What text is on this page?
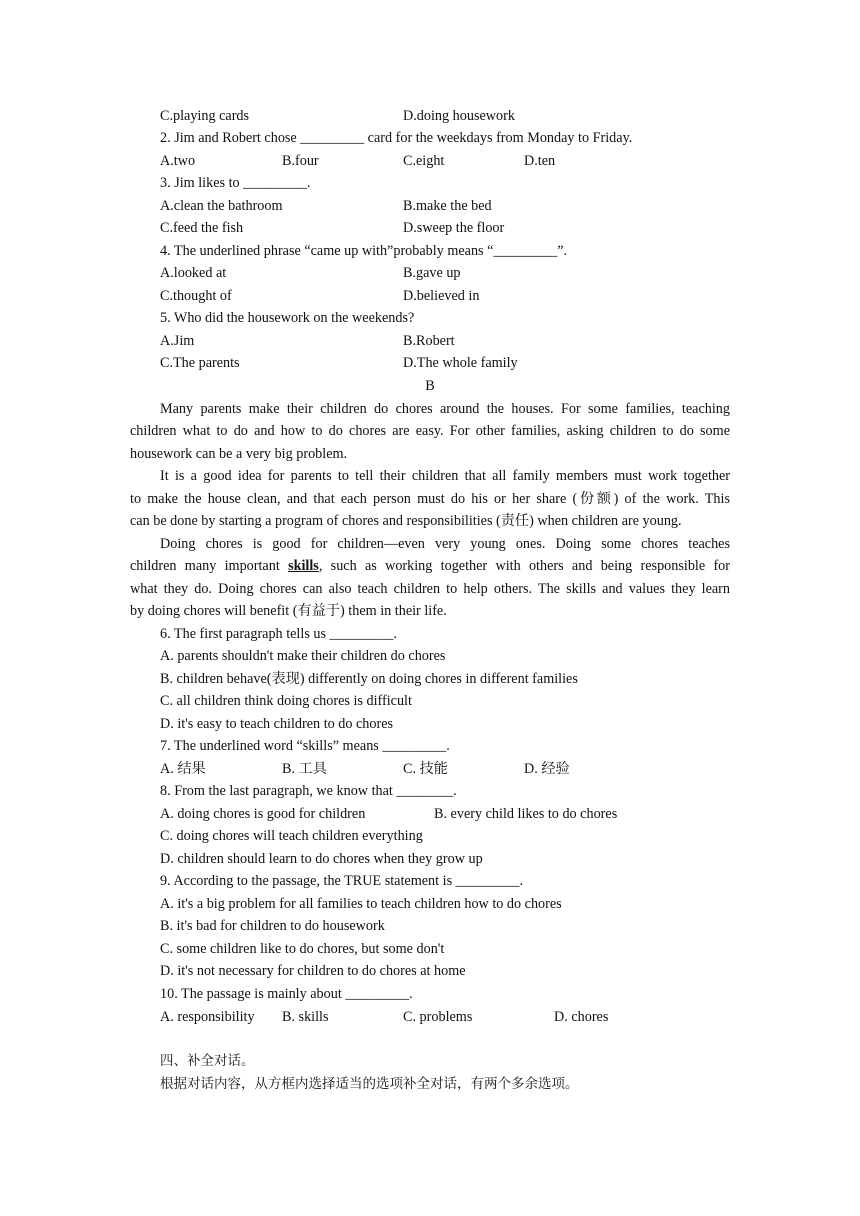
C.playing cards	D.doing housework
2. Jim and Robert chose _________ card for the weekdays from Monday to Friday.
A.two	B.four	C.eight	D.ten
3. Jim likes to _________.
A.clean the bathroom	B.make the bed
C.feed the fish	D.sweep the floor
4. The underlined phrase “came up with”probably means “_________”.
A.looked at	B.gave up
C.thought of	D.believed in
5. Who did the housework on the weekends?
A.Jim	B.Robert
C.The parents	D.The whole family
B
Many parents make their children do chores around the houses. For some families, teaching
children what to do and how to do chores are easy. For other families, asking children to do some
housework can be a very big problem.
It is a good idea for parents to tell their children that all family members must work together
to make the house clean, and that each person must do his or her share (份额) of the work. This
can be done by starting a program of chores and responsibilities (责任) when children are young.
Doing chores is good for children—even very young ones. Doing some chores teaches
children many important skills, such as working together with others and being responsible for
what they do. Doing chores can also teach children to help others. The skills and values they learn
by doing chores will benefit (有益于) them in their life.
6. The first paragraph tells us _________.
A. parents shouldn't make their children do chores
B. children behave(表现) differently on doing chores in different families
C. all children think doing chores is difficult
D. it's easy to teach children to do chores
7. The underlined word “skills” means _________.
A. 结果	B. 工具	C. 技能	D. 经验
8. From the last paragraph, we know that ________.
A. doing chores is good for children	B. every child likes to do chores
C. doing chores will teach children everything
D. children should learn to do chores when they grow up
9. According to the passage, the TRUE statement is _________.
A. it's a big problem for all families to teach children how to do chores
B. it's bad for children to do housework
C. some children like to do chores, but some don't
D. it's not necessary for children to do chores at home
10. The passage is mainly about _________.
A. responsibility B. skills	C. problems	D. chores
四、补全对话。
根据对话内容，从方框内选择适当的选项补全对话，有两个多余选项。
